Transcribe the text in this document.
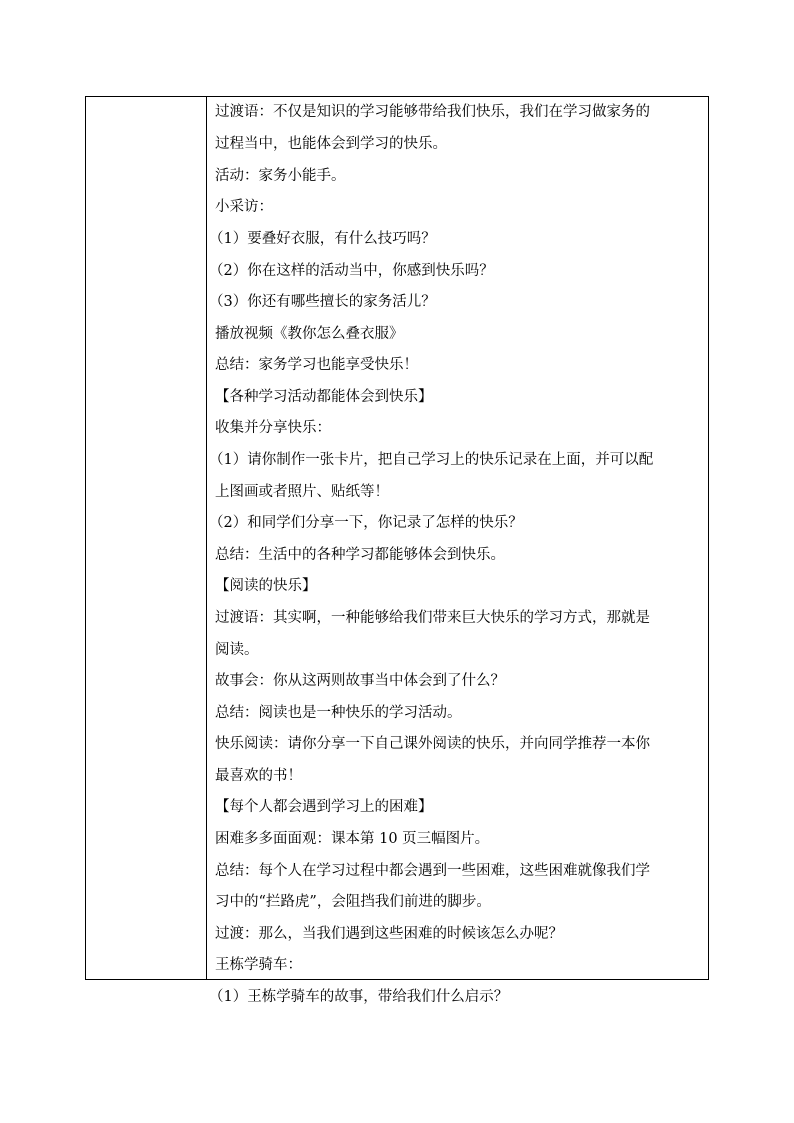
过渡语：不仅是知识的学习能够带给我们快乐，我们在学习做家务的
过程当中，也能体会到学习的快乐。
活动：家务小能手。
小采访：
（1）要叠好衣服，有什么技巧吗？
（2）你在这样的活动当中，你感到快乐吗？
（3）你还有哪些擅长的家务活儿？
播放视频《教你怎么叠衣服》
总结：家务学习也能享受快乐！
【各种学习活动都能体会到快乐】
收集并分享快乐：
（1）请你制作一张卡片，把自己学习上的快乐记录在上面，并可以配
上图画或者照片、贴纸等！
（2）和同学们分享一下，你记录了怎样的快乐？
总结：生活中的各种学习都能够体会到快乐。
【阅读的快乐】
过渡语：其实啊，一种能够给我们带来巨大快乐的学习方式，那就是
阅读。
故事会：你从这两则故事当中体会到了什么？
总结：阅读也是一种快乐的学习活动。
快乐阅读：请你分享一下自己课外阅读的快乐，并向同学推荐一本你
最喜欢的书！
【每个人都会遇到学习上的困难】
困难多多面面观：课本第 10 页三幅图片。
总结：每个人在学习过程中都会遇到一些困难，这些困难就像我们学
习中的“拦路虎”，会阻挡我们前进的脚步。
过渡：那么，当我们遇到这些困难的时候该怎么办呢？
王栋学骑车：
（1）王栋学骑车的故事，带给我们什么启示？
